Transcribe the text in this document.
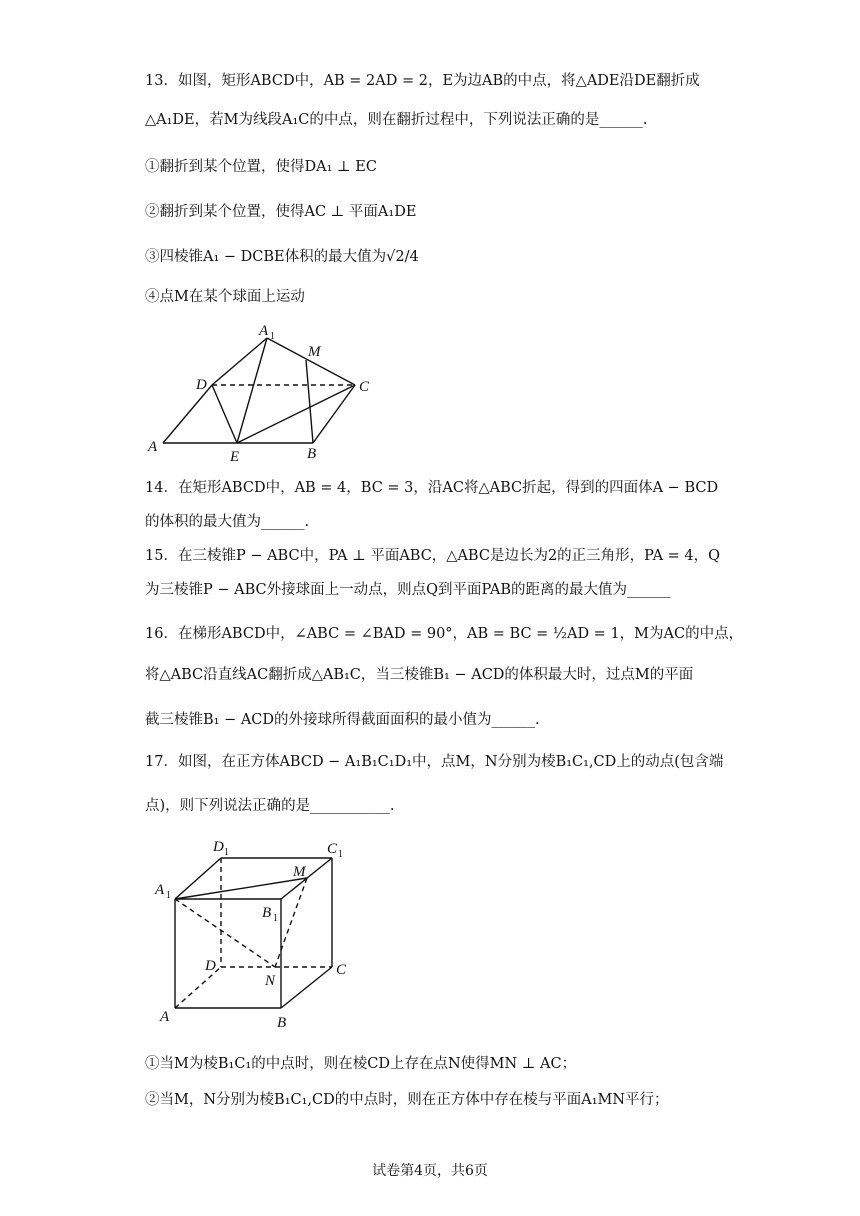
13．如图，矩形ABCD中，AB = 2AD = 2，E为边AB的中点，将△ADE沿DE翻折成
△A₁DE，若M为线段A₁C的中点，则在翻折过程中，下列说法正确的是______.
①翻折到某个位置，使得DA₁ ⊥ EC
②翻折到某个位置，使得AC ⊥ 平面A₁DE
③四棱锥A₁ − DCBE体积的最大值为√2/4
④点M在某个球面上运动
A 1
M
D	C
A
E	B
14．在矩形ABCD中，AB = 4，BC = 3，沿AC将△ABC折起，得到的四面体A − BCD
的体积的最大值为______.
15．在三棱锥P − ABC中，PA ⊥ 平面ABC，△ABC是边长为2的正三角形，PA = 4，Q
为三棱锥P − ABC外接球面上一动点，则点Q到平面PAB的距离的最大值为______
16．在梯形ABCD中，∠ABC = ∠BAD = 90°，AB = BC = ½AD = 1，M为AC的中点，
将△ABC沿直线AC翻折成△AB₁C，当三棱锥B₁ − ACD的体积最大时，过点M的平面
截三棱锥B₁ − ACD的外接球所得截面面积的最小值为______.
17．如图，在正方体ABCD − A₁B₁C₁D₁中，点M，N分别为棱B₁C₁,CD上的动点(包含端
点)，则下列说法正确的是___________.
D 1	C 1
A 1
M
B 1
D
N
C
A	B
①当M为棱B₁C₁的中点时，则在棱CD上存在点N使得MN ⊥ AC；
②当M，N分别为棱B₁C₁,CD的中点时，则在正方体中存在棱与平面A₁MN平行；
试卷第4页，共6页
